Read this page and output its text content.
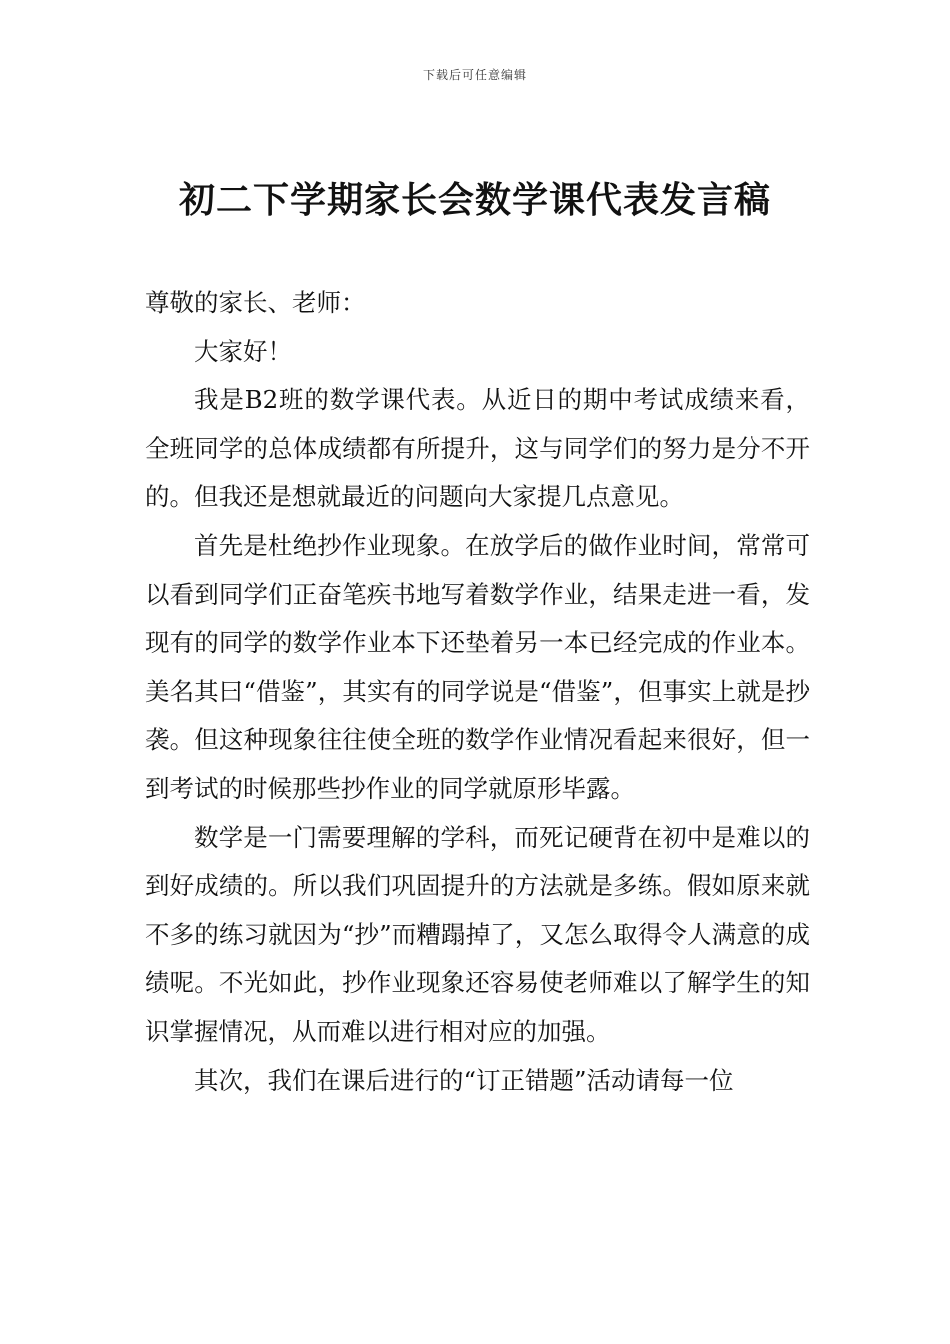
下载后可任意编辑
初二下学期家长会数学课代表发言稿

尊敬的家长、老师：

大家好！

我是B2班的数学课代表。从近日的期中考试成绩来看，全班同学的总体成绩都有所提升，这与同学们的努力是分不开的。但我还是想就最近的问题向大家提几点意见。

首先是杜绝抄作业现象。在放学后的做作业时间，常常可以看到同学们正奋笔疾书地写着数学作业，结果走进一看，发现有的同学的数学作业本下还垫着另一本已经完成的作业本。美名其曰“借鉴”，其实有的同学说是“借鉴”，但事实上就是抄袭。但这种现象往往使全班的数学作业情况看起来很好，但一到考试的时候那些抄作业的同学就原形毕露。

数学是一门需要理解的学科，而死记硬背在初中是难以的到好成绩的。所以我们巩固提升的方法就是多练。假如原来就不多的练习就因为“抄”而糟蹋掉了，又怎么取得令人满意的成绩呢。不光如此，抄作业现象还容易使老师难以了解学生的知识掌握情况，从而难以进行相对应的加强。

其次，我们在课后进行的“订正错题”活动请每一位
